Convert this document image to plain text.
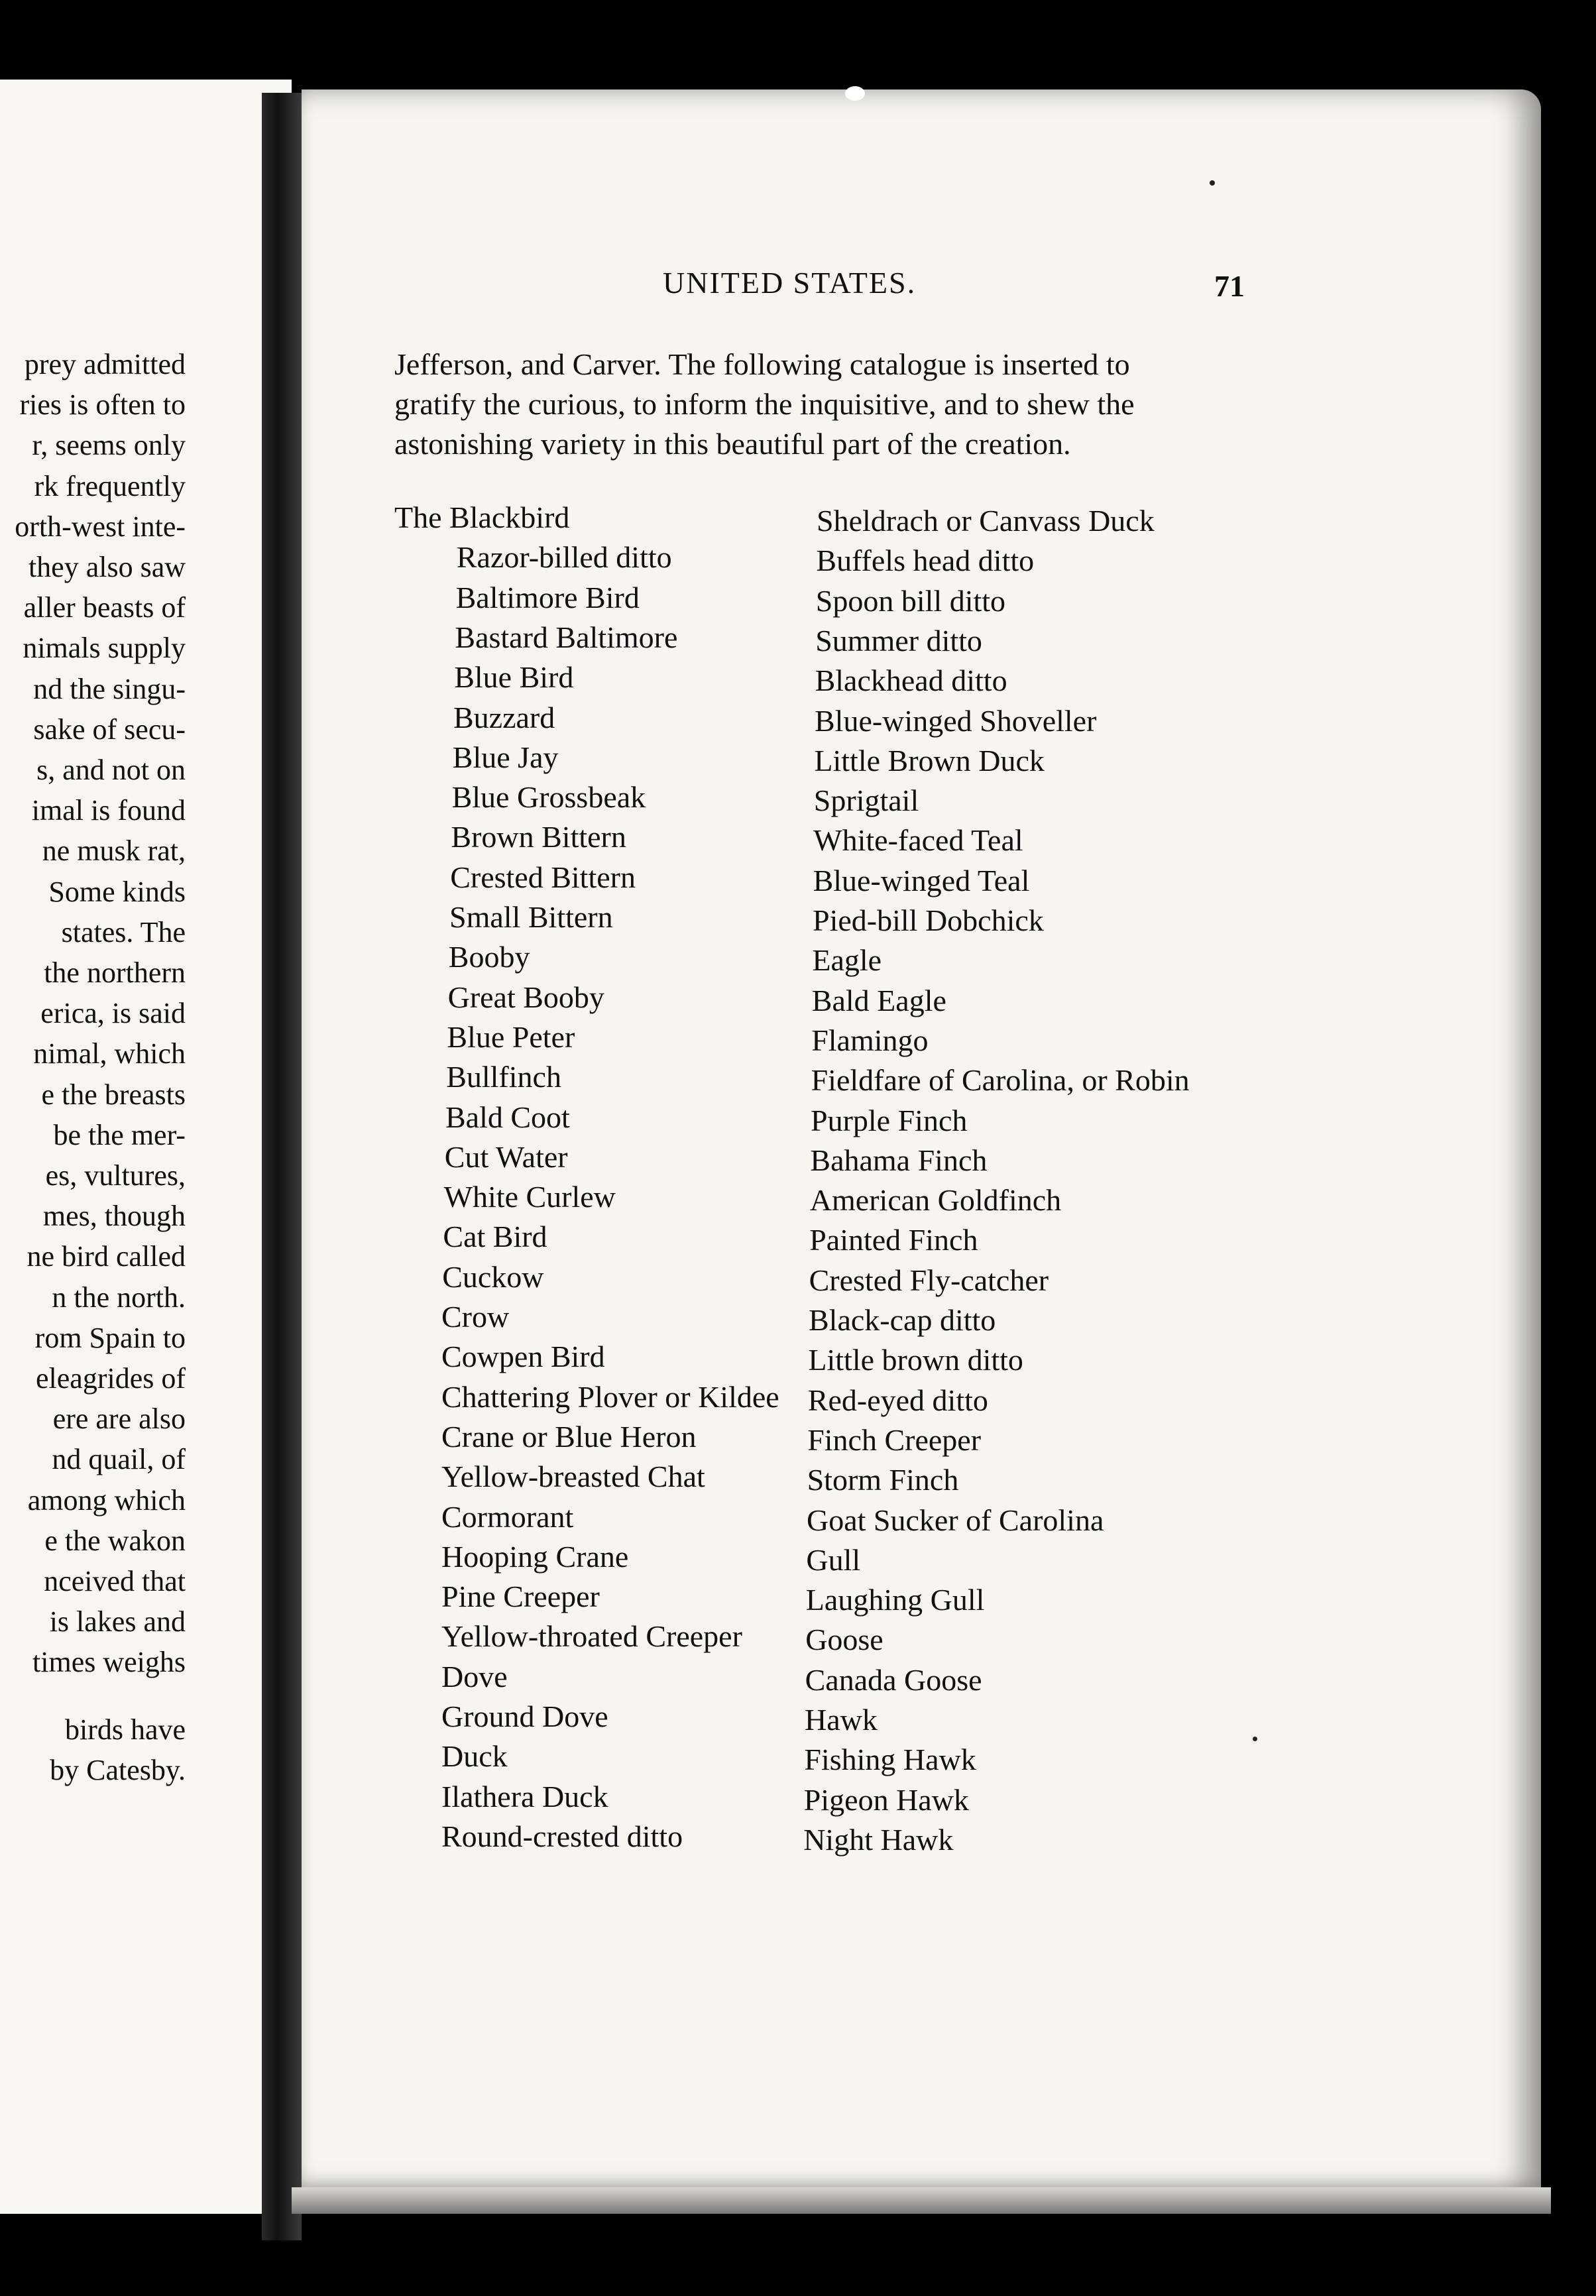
prey admitted
ries is often to
r, seems only
rk frequently
orth-west inte-
they also saw
aller beasts of
nimals supply
nd the singu-
sake of secu-
s, and not on
imal is found
ne musk rat,
Some kinds
states. The
the northern
erica, is said
nimal, which
e the breasts
be the mer-
es, vultures,
mes, though
ne bird called
n the north.
rom Spain to
eleagrides of
ere are also
nd quail, of
among which
e the wakon
nceived that
is lakes and
times weighs
birds have
by Catesby.
UNITED STATES.	71
Jefferson, and Carver. The following catalogue is inserted to
gratify the curious, to inform the inquisitive, and to shew the
astonishing variety in this beautiful part of the creation.
The Blackbird
Razor-billed ditto
Baltimore Bird
Bastard Baltimore
Blue Bird
Buzzard
Blue Jay
Blue Grossbeak
Brown Bittern
Crested Bittern
Small Bittern
Booby
Great Booby
Blue Peter
Bullfinch
Bald Coot
Cut Water
White Curlew
Cat Bird
Cuckow
Crow
Cowpen Bird
Chattering Plover or Kildee
Crane or Blue Heron
Yellow-breasted Chat
Cormorant
Hooping Crane
Pine Creeper
Yellow-throated Creeper
Dove
Ground Dove
Duck
Ilathera Duck
Round-crested ditto
Sheldrach or Canvass Duck
Buffels head ditto
Spoon bill ditto
Summer ditto
Blackhead ditto
Blue-winged Shoveller
Little Brown Duck
Sprigtail
White-faced Teal
Blue-winged Teal
Pied-bill Dobchick
Eagle
Bald Eagle
Flamingo
Fieldfare of Carolina, or Robin
Purple Finch
Bahama Finch
American Goldfinch
Painted Finch
Crested Fly-catcher
Black-cap ditto
Little brown ditto
Red-eyed ditto
Finch Creeper
Storm Finch
Goat Sucker of Carolina
Gull
Laughing Gull
Goose
Canada Goose
Hawk
Fishing Hawk
Pigeon Hawk
Night Hawk
